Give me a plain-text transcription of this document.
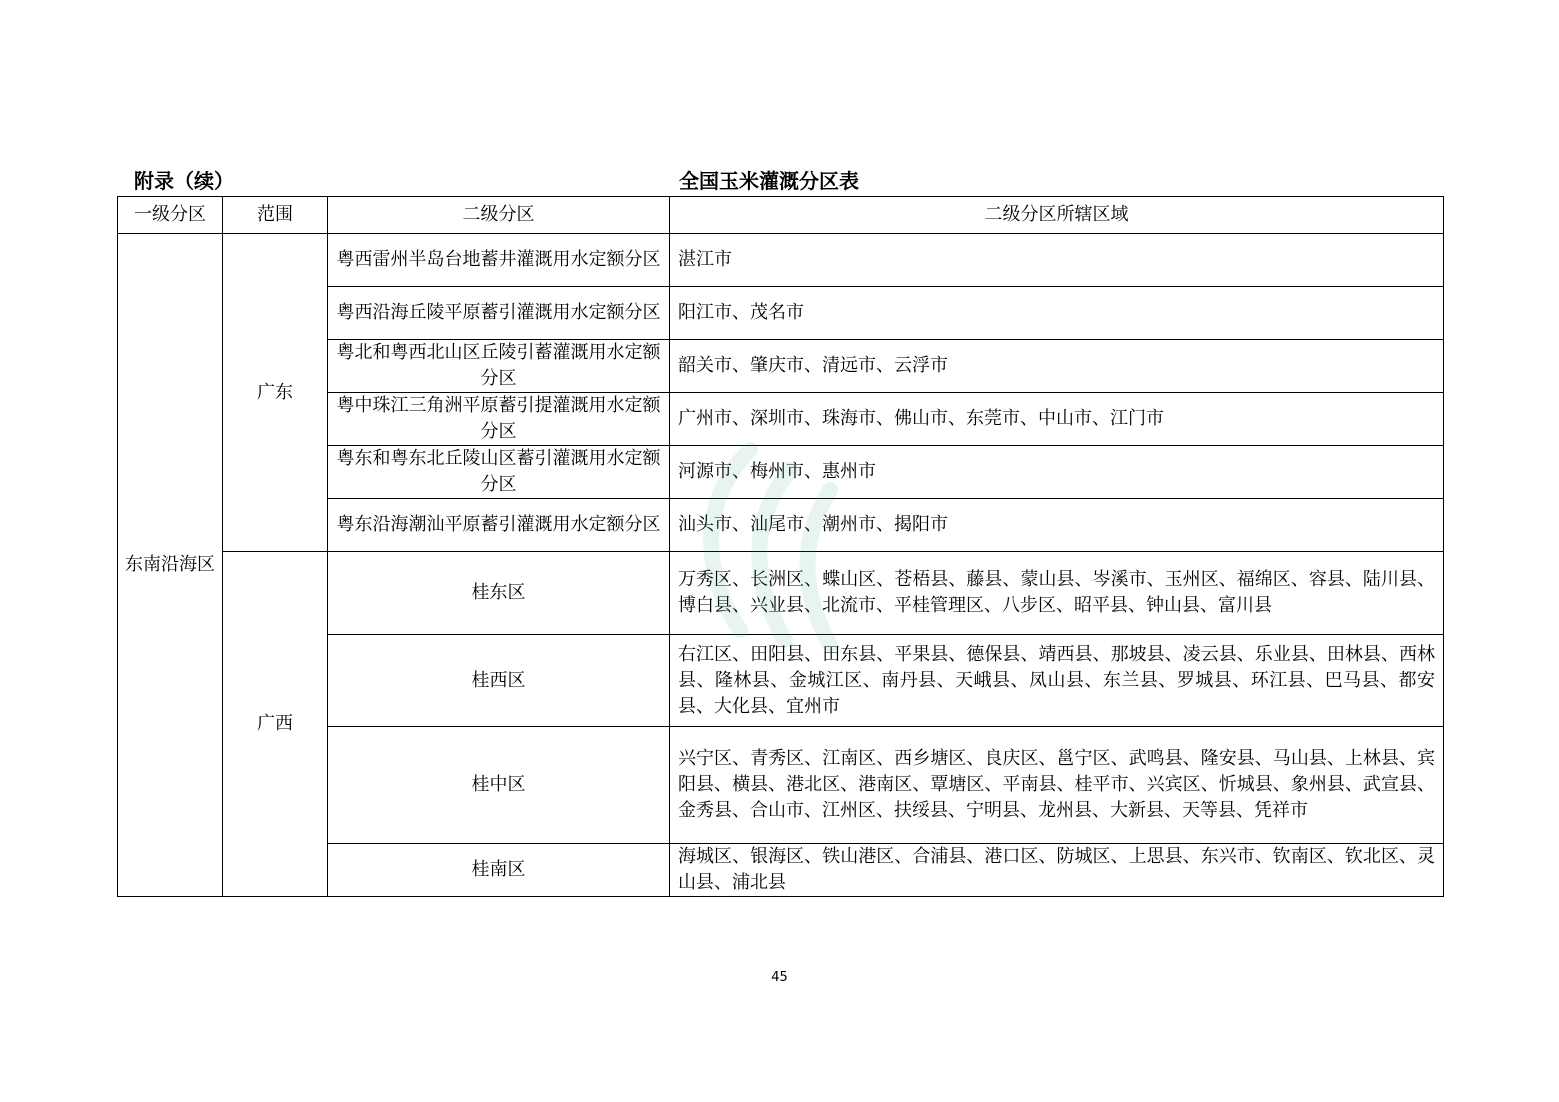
附录（续）	全国玉米灌溉分区表
一级分区	范围	二级分区	二级分区所辖区域
东南沿海区	广东	粤西雷州半岛台地蓄井灌溉用水定额分区	湛江市
		粤西沿海丘陵平原蓄引灌溉用水定额分区	阳江市、茂名市
		粤北和粤西北山区丘陵引蓄灌溉用水定额分区	韶关市、肇庆市、清远市、云浮市
		粤中珠江三角洲平原蓄引提灌溉用水定额分区	广州市、深圳市、珠海市、佛山市、东莞市、中山市、江门市
		粤东和粤东北丘陵山区蓄引灌溉用水定额分区	河源市、梅州市、惠州市
		粤东沿海潮汕平原蓄引灌溉用水定额分区	汕头市、汕尾市、潮州市、揭阳市
	广西	桂东区	万秀区、长洲区、蝶山区、苍梧县、藤县、蒙山县、岑溪市、玉州区、福绵区、容县、陆川县、博白县、兴业县、北流市、平桂管理区、八步区、昭平县、钟山县、富川县
		桂西区	右江区、田阳县、田东县、平果县、德保县、靖西县、那坡县、凌云县、乐业县、田林县、西林县、隆林县、金城江区、南丹县、天峨县、凤山县、东兰县、罗城县、环江县、巴马县、都安县、大化县、宜州市
		桂中区	兴宁区、青秀区、江南区、西乡塘区、良庆区、邕宁区、武鸣县、隆安县、马山县、上林县、宾阳县、横县、港北区、港南区、覃塘区、平南县、桂平市、兴宾区、忻城县、象州县、武宣县、金秀县、合山市、江州区、扶绥县、宁明县、龙州县、大新县、天等县、凭祥市
		桂南区	海城区、银海区、铁山港区、合浦县、港口区、防城区、上思县、东兴市、钦南区、钦北区、灵山县、浦北县
45
